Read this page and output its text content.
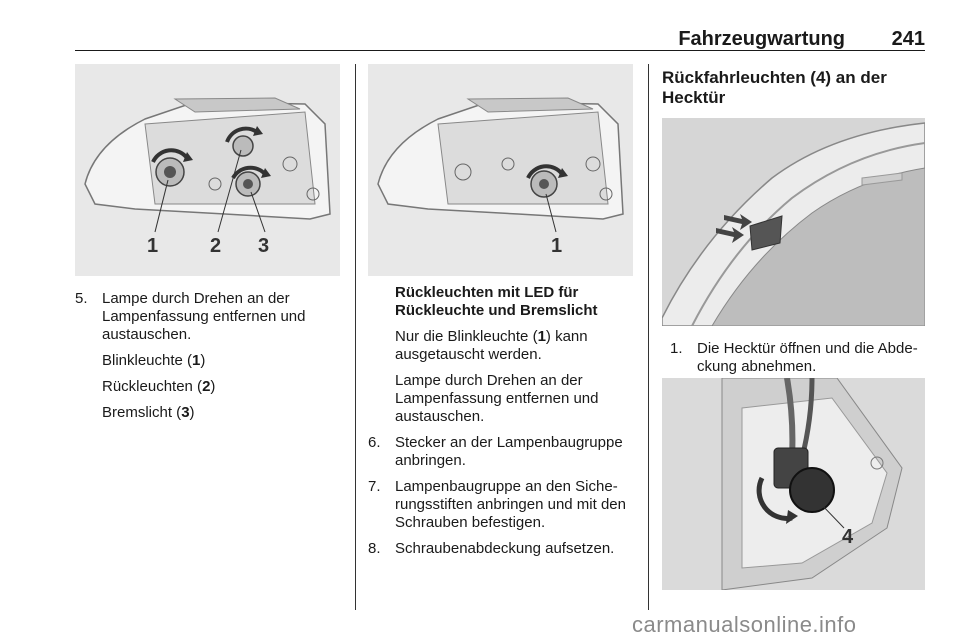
Fahrzeugwartung 241
1	2 3	1
4
5. Lampe durch Drehen an der Lampenfassung entfernen und austauschen.
Blinkleuchte (1)
Rückleuchten (2)
Bremslicht (3)
Rückleuchten mit LED für Rückleuchte und Bremslicht
Nur die Blinkleuchte (1) kann ausgetauscht werden.
Lampe durch Drehen an der Lampenfassung entfernen und austauschen.
6. Stecker an der Lampenbaugruppe anbringen.
7. Lampenbaugruppe an den Sicherungsstiften anbringen und mit den Schrauben befestigen.
8. Schraubenabdeckung aufsetzen.
Rückfahrleuchten (4) an der Hecktür
1. Die Hecktür öffnen und die Abdeckung abnehmen.
carmanualsonline.info
